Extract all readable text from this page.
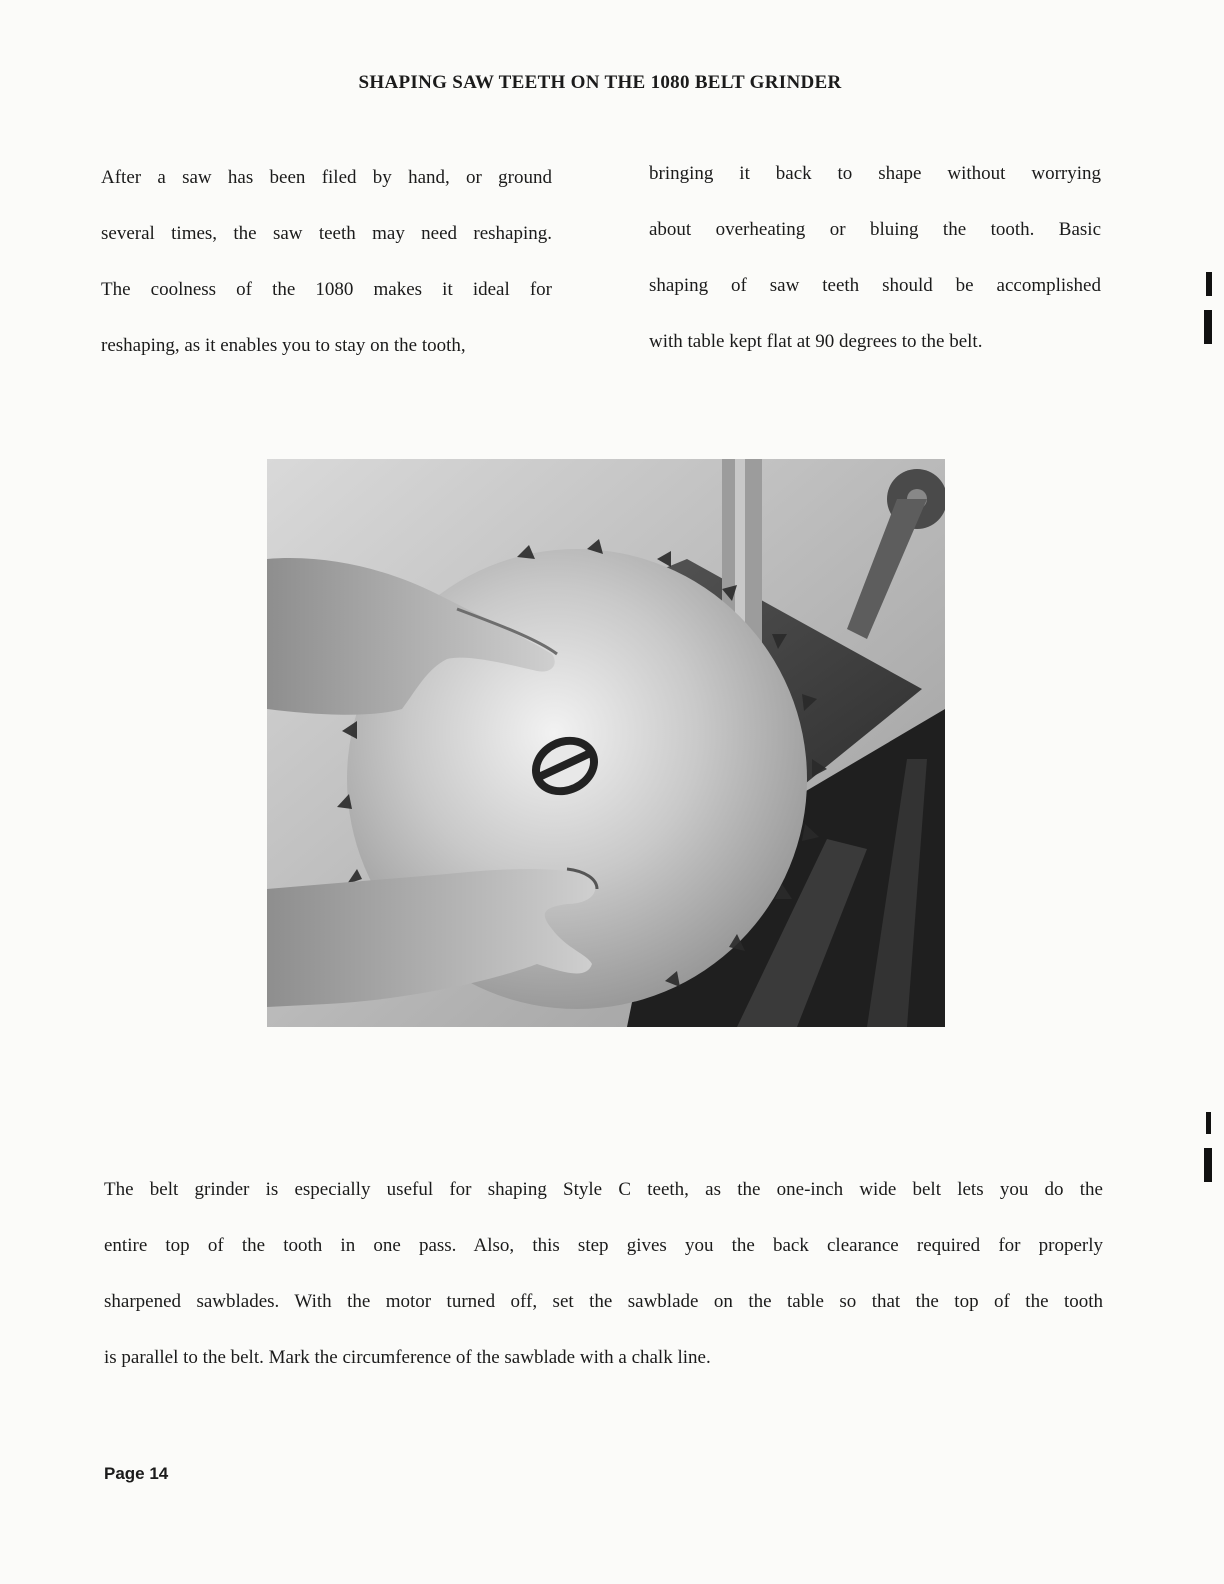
SHAPING SAW TEETH ON THE 1080 BELT GRINDER
After a saw has been filed by hand, or ground
several times, the saw teeth may need reshaping.
The coolness of the 1080 makes it ideal for
reshaping, as it enables you to stay on the tooth,
bringing it back to shape without worrying
about overheating or bluing the tooth. Basic
shaping of saw teeth should be accomplished
with table kept flat at 90 degrees to the belt.
The belt grinder is especially useful for shaping Style C teeth, as the one-inch wide belt lets you do the
entire top of the tooth in one pass. Also, this step gives you the back clearance required for properly
sharpened sawblades. With the motor turned off, set the sawblade on the table so that the top of the tooth
is parallel to the belt. Mark the circumference of the sawblade with a chalk line.
Page 14
